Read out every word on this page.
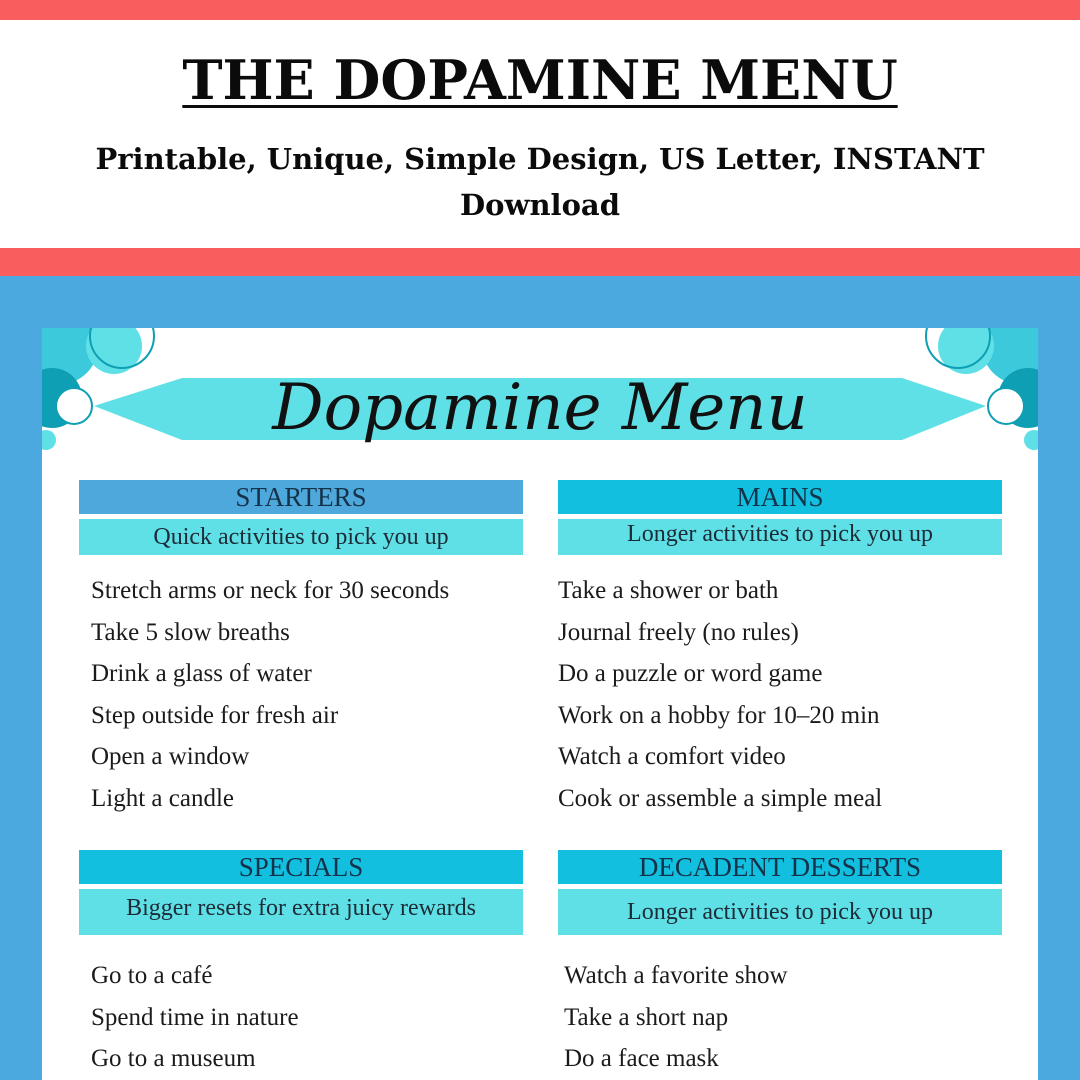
THE DOPAMINE MENU
Printable, Unique, Simple Design, US Letter, INSTANT Download
Dopamine Menu
STARTERS
Quick activities to pick you up
Stretch arms or neck for 30 seconds
Take 5 slow breaths
Drink a glass of water
Step outside for fresh air
Open a window
Light a candle
MAINS
Longer activities to pick you up
Take a shower or bath
Journal freely (no rules)
Do a puzzle or word game
Work on a hobby for 10–20 min
Watch a comfort video
Cook or assemble a simple meal
SPECIALS
Bigger resets for extra juicy rewards
Go to a café
Spend time in nature
Go to a museum
DECADENT DESSERTS
Longer activities to pick you up
Watch a favorite show
Take a short nap
Do a face mask
